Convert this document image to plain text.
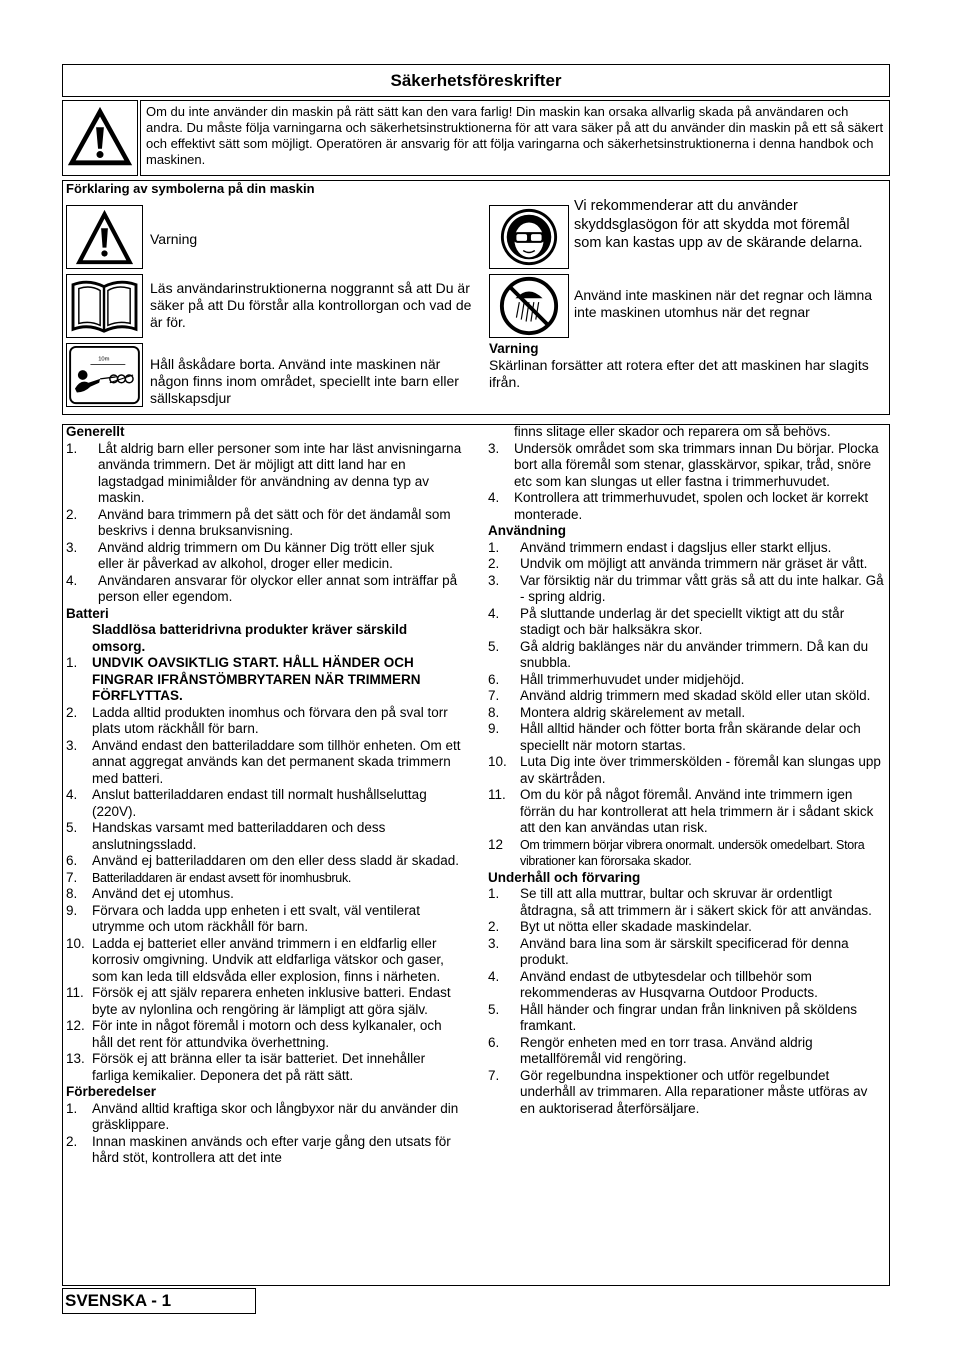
Säkerhetsföreskrifter
Om du inte använder din maskin på rätt sätt kan den vara farlig! Din maskin kan orsaka allvarlig skada på användaren och andra. Du måste följa varningarna och säkerhetsinstruktionerna för att vara säker på att du använder din maskin på ett så säkert och effektivt sätt som möjligt. Operatören är ansvarig för att följa varingarna och säkerhetsinstruktionerna i denna handbok och maskinen.
Förklaring av symbolerna på din maskin
Varning
Läs användarinstruktionerna noggrannt så att Du är säker på att Du förstår alla kontrollorgan och vad de är för.
10m	Håll åskådare borta. Använd inte maskinen när någon finns inom området, speciellt inte barn eller sällskapsdjur
Vi rekommenderar att du använder skyddsglasögon för att skydda mot föremål som kan kastas upp av de skärande delarna.
Använd inte maskinen när det regnar och lämna inte maskinen utomhus när det regnar
Varning
Skärlinan forsätter att rotera efter det att maskinen har slagits ifrån.
Generellt
1.	Låt aldrig barn eller personer som inte har läst anvisningarna använda trimmern. Det är möjligt att ditt land har en lagstadgad minimiålder för användning av denna typ av maskin.
2.	Använd bara trimmern på det sätt och för det ändamål som beskrivs i denna bruksanvisning.
3.	Använd aldrig trimmern om Du känner Dig trött eller sjuk eller är påverkad av alkohol, droger eller medicin.
4.	Användaren ansvarar för olyckor eller annat som inträffar på person eller egendom.
Batteri
Sladdlösa batteridrivna produkter kräver särskild omsorg.
1.	UNDVIK OAVSIKTLIG START. HÅLL HÄNDER OCH FINGRAR IFRÅNSTÖMBRYTAREN NÄR TRIMMERN FÖRFLYTTAS.
2.	Ladda alltid produkten inomhus och förvara den på sval torr plats utom räckhåll för barn.
3.	Använd endast den batteriladdare som tillhör enheten. Om ett annat aggregat används kan det permanent skada trimmern med batteri.
4.	Anslut batteriladdaren endast till normalt hushållseluttag (220V).
5.	Handskas varsamt med batteriladdaren och dess anslutningssladd.
6.	Använd ej batteriladdaren om den eller dess sladd är skadad.
7.	Batteriladdaren är endast avsett för inomhusbruk.
8.	Använd det ej utomhus.
9.	Förvara och ladda upp enheten i ett svalt, väl ventilerat utrymme och utom räckhåll för barn.
10. Ladda ej batteriet eller använd trimmern i en eldfarlig eller korrosiv omgivning. Undvik att eldfarliga vätskor och gaser, som kan leda till eldsvåda eller explosion, finns i närheten.
11. Försök ej att själv reparera enheten inklusive batteri. Endast byte av nylonlina och rengöring är lämpligt att göra själv.
12. För inte in något föremål i motorn och dess kylkanaler, och håll det rent för attundvika överhettning.
13. Försök ej att bränna eller ta isär batteriet. Det innehåller farliga kemikalier. Deponera det på rätt sätt.
Förberedelser
1.	Använd alltid kraftiga skor och långbyxor när du använder din gräsklippare.
2.	Innan maskinen används och efter varje gång den utsats för hård stöt, kontrollera att det inte
finns slitage eller skador och reparera om så behövs.
3.	Undersök området som ska trimmars innan Du börjar. Plocka bort alla föremål som stenar, glasskärvor, spikar, tråd, snöre etc som kan slungas ut eller fastna i trimmerhuvudet.
4.	Kontrollera att trimmerhuvudet, spolen och locket är korrekt monterade.
Användning
1.	Använd trimmern endast i dagsljus eller starkt elljus.
2.	Undvik om möjligt att använda trimmern när gräset är vått.
3.	Var försiktig när du trimmar vått gräs så att du inte halkar. Gå - spring aldrig.
4.	På sluttande underlag är det speciellt viktigt att du står stadigt och bär halksäkra skor.
5.	Gå aldrig baklänges när du använder trimmern. Då kan du snubbla.
6.	Håll trimmerhuvudet under midjehöjd.
7.	Använd aldrig trimmern med skadad sköld eller utan sköld.
8.	Montera aldrig skärelement av metall.
9.	Håll alltid händer och fötter borta från skärande delar och speciellt när motorn startas.
10. Luta Dig inte över trimmerskölden - föremål kan slungas upp av skärtråden.
11.	Om du kör på något föremål. Använd inte trimmern igen förrän du har kontrollerat att hela trimmern är i sådant skick att den kan användas utan risk.
12	Om trimmern börjar vibrera onormalt. undersök omedelbart. Stora vibrationer kan förorsaka skador.
Underhåll och förvaring
1.	Se till att alla muttrar, bultar och skruvar är ordentligt åtdragna, så att trimmern är i säkert skick för att användas.
2.	Byt ut nötta eller skadade maskindelar.
3.	Använd bara lina som är särskilt specificerad för denna produkt.
4.	Använd endast de utbytesdelar och tillbehör som rekommenderas av Husqvarna Outdoor Products.
5.	Håll händer och fingrar undan från linkniven på sköldens framkant.
6.	Rengör enheten med en torr trasa. Använd aldrig metallföremål vid rengöring.
7.	Gör regelbundna inspektioner och utför regelbundet underhåll av trimmaren. Alla reparationer måste utföras av en auktoriserad återförsäljare.
SVENSKA - 1
